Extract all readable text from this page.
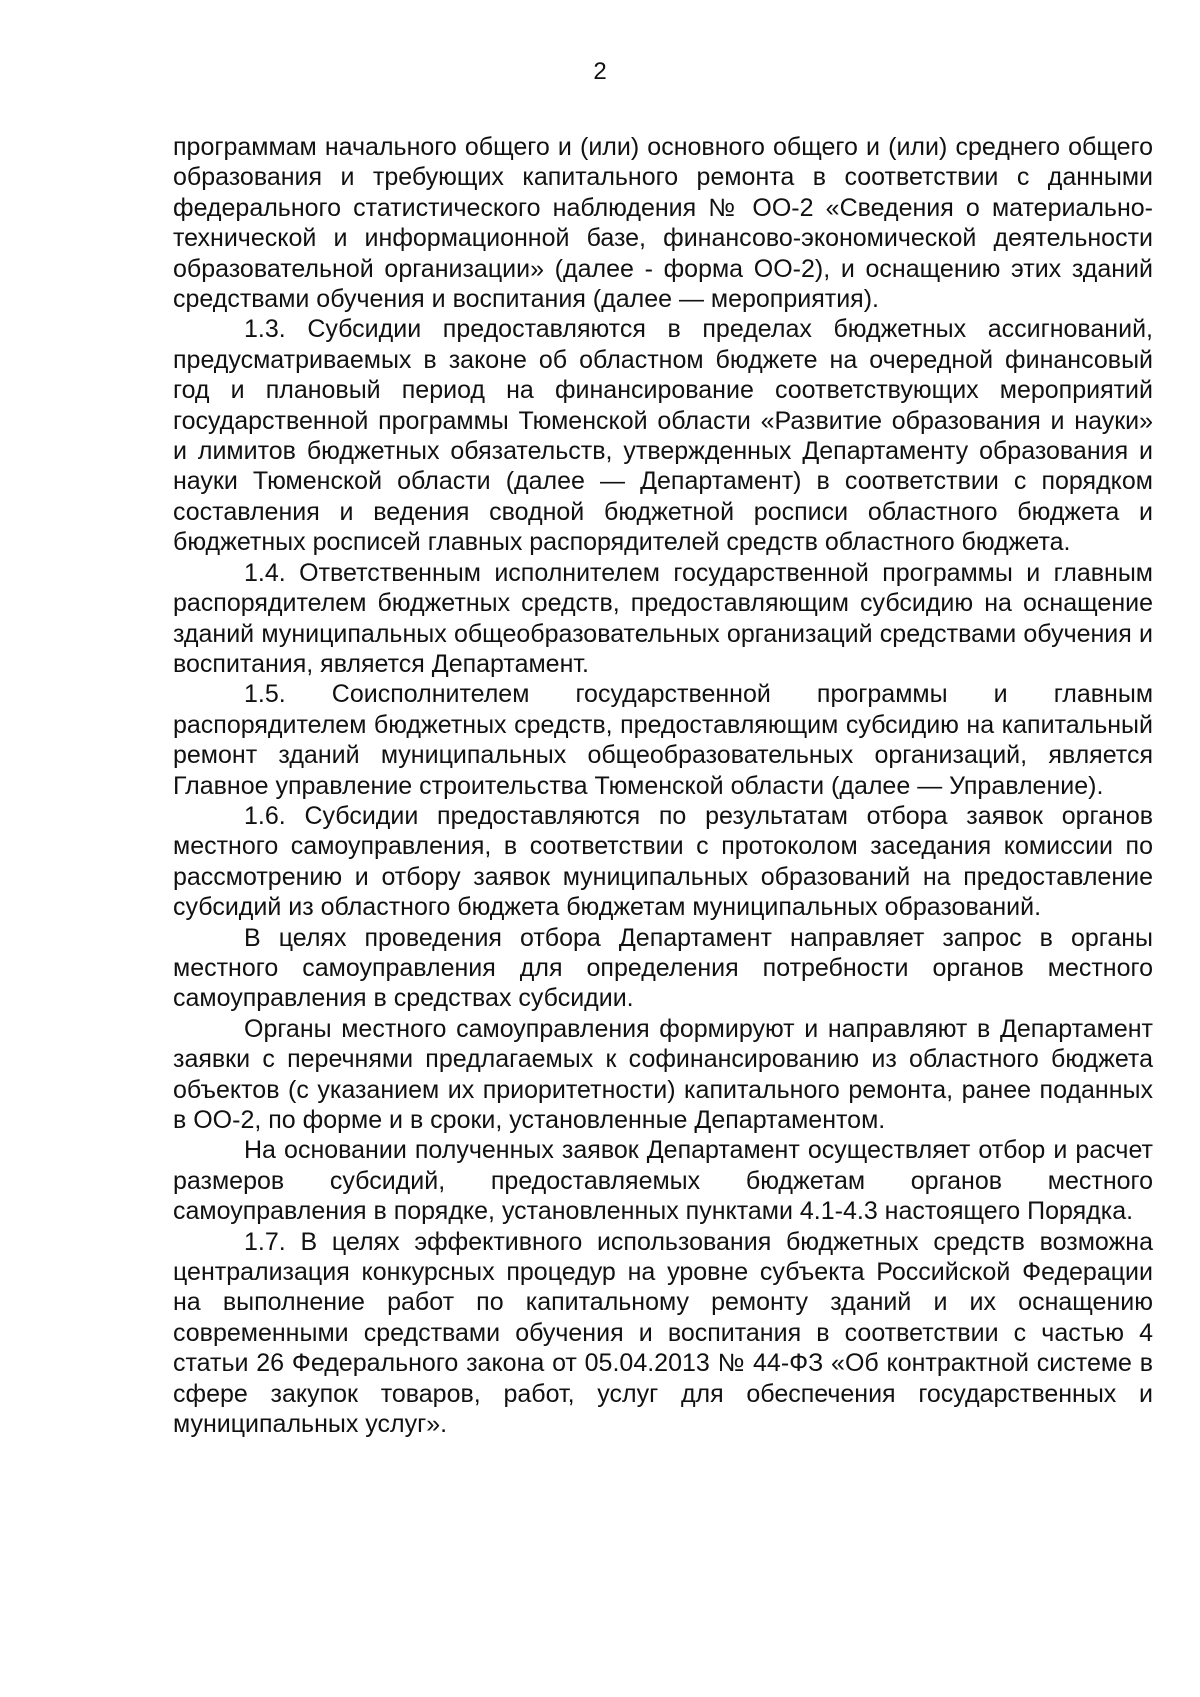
2

программам начального общего и (или) основного общего и (или) среднего общего образования и требующих капитального ремонта в соответствии с данными федерального статистического наблюдения № ОО-2 «Сведения о материально-технической и информационной базе, финансово-экономической деятельности образовательной организации» (далее - форма ОО-2), и оснащению этих зданий средствами обучения и воспитания (далее — мероприятия).

1.3. Субсидии предоставляются в пределах бюджетных ассигнований, предусматриваемых в законе об областном бюджете на очередной финансовый год и плановый период на финансирование соответствующих мероприятий государственной программы Тюменской области «Развитие образования и науки» и лимитов бюджетных обязательств, утвержденных Департаменту образования и науки Тюменской области (далее — Департамент) в соответствии с порядком составления и ведения сводной бюджетной росписи областного бюджета и бюджетных росписей главных распорядителей средств областного бюджета.

1.4. Ответственным исполнителем государственной программы и главным распорядителем бюджетных средств, предоставляющим субсидию на оснащение зданий муниципальных общеобразовательных организаций средствами обучения и воспитания, является Департамент.

1.5. Соисполнителем государственной программы и главным распорядителем бюджетных средств, предоставляющим субсидию на капитальный ремонт зданий муниципальных общеобразовательных организаций, является Главное управление строительства Тюменской области (далее — Управление).

1.6. Субсидии предоставляются по результатам отбора заявок органов местного самоуправления, в соответствии с протоколом заседания комиссии по рассмотрению и отбору заявок муниципальных образований на предоставление субсидий из областного бюджета бюджетам муниципальных образований.

В целях проведения отбора Департамент направляет запрос в органы местного самоуправления для определения потребности органов местного самоуправления в средствах субсидии.

Органы местного самоуправления формируют и направляют в Департамент заявки с перечнями предлагаемых к софинансированию из областного бюджета объектов (с указанием их приоритетности) капитального ремонта, ранее поданных в ОО-2, по форме и в сроки, установленные Департаментом.

На основании полученных заявок Департамент осуществляет отбор и расчет размеров субсидий, предоставляемых бюджетам органов местного самоуправления в порядке, установленных пунктами 4.1-4.3 настоящего Порядка.

1.7. В целях эффективного использования бюджетных средств возможна централизация конкурсных процедур на уровне субъекта Российской Федерации на выполнение работ по капитальному ремонту зданий и их оснащению современными средствами обучения и воспитания в соответствии с частью 4 статьи 26 Федерального закона от 05.04.2013 № 44-ФЗ «Об контрактной системе в сфере закупок товаров, работ, услуг для обеспечения государственных и муниципальных услуг».
